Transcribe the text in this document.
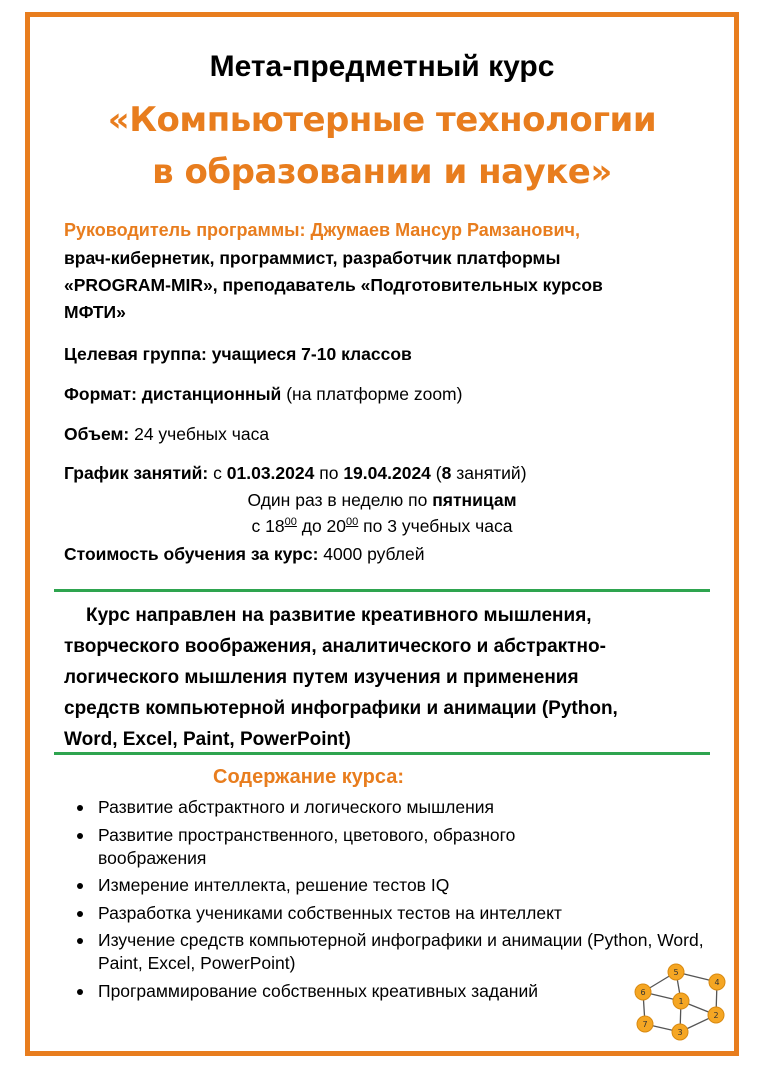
Мета-предметный курс
«Компьютерные технологии
в образовании и науке»
Руководитель программы: Джумаев Мансур Рамзанович,
врач-кибернетик, программист, разработчик платформы
«PROGRAM-MIR», преподаватель «Подготовительных курсов
МФТИ»
Целевая группа: учащиеся 7-10 классов
Формат: дистанционный (на платформе zoom)
Объем: 24 учебных часа
График занятий: с 01.03.2024 по 19.04.2024 (8 занятий)
Один раз в неделю по пятницам
с $18^{00}$ до $20^{00}$ по 3 учебных часа
Стоимость обучения за курс: 4000 рублей
Курс направлен на развитие креативного мышления,
творческого воображения, аналитического и абстрактно-
логического мышления путем изучения и применения
средств компьютерной инфографики и анимации (Python,
Word, Excel, Paint, PowerPoint)
Содержание курса:
Развитие абстрактного и логического мышления
Развитие пространственного, цветового, образного воображения
Измерение интеллекта, решение тестов IQ
Разработка учениками собственных тестов на интеллект
Изучение средств компьютерной инфографики и анимации (Python, Word, Paint, Excel, PowerPoint)
Программирование собственных креативных заданий
5
4
6
1
2
7
3
